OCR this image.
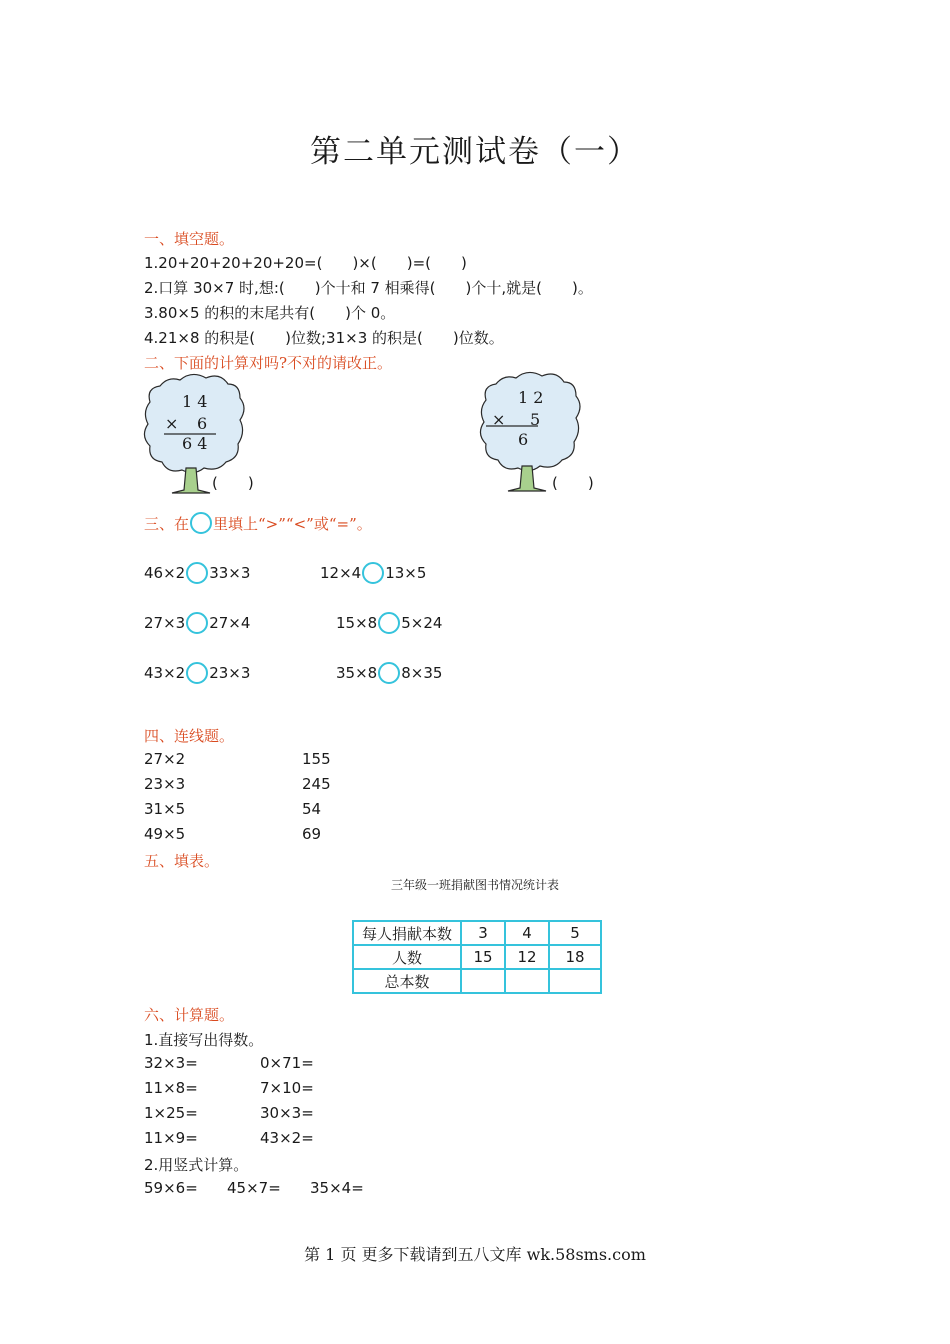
第二单元测试卷（一）
一、填空题。
1.20+20+20+20+20=(　　)×(　　)=(　　)
2.口算 30×7 时,想:(　　)个十和 7 相乘得(　　)个十,就是(　　)。
3.80×5 的积的末尾共有(　　)个 0。
4.21×8 的积是(　　)位数;31×3 的积是(　　)位数。
二、下面的计算对吗?不对的请改正。
1 4
× 6
6 4
(　　)
1 2
× 5
6
(　　)
三、在 里填上“>”“<”或“=”。
46×2 33×3	12×4 13×5
27×3 27×4	15×8 5×24
43×2 23×3	35×8 8×35
四、连线题。
27×2
23×3
31×5
49×5
155
245
54
69
五、填表。
三年级一班捐献图书情况统计表
每人捐献本数	3	4	5
人数	15	12	18
总本数			
六、计算题。
1.直接写出得数。
32×3=	0×71=
11×8=	7×10=
1×25=	30×3=
11×9=	43×2=
2.用竖式计算。
59×6= 45×7= 35×4=
第 1 页 更多下载请到五八文库 wk.58sms.com
